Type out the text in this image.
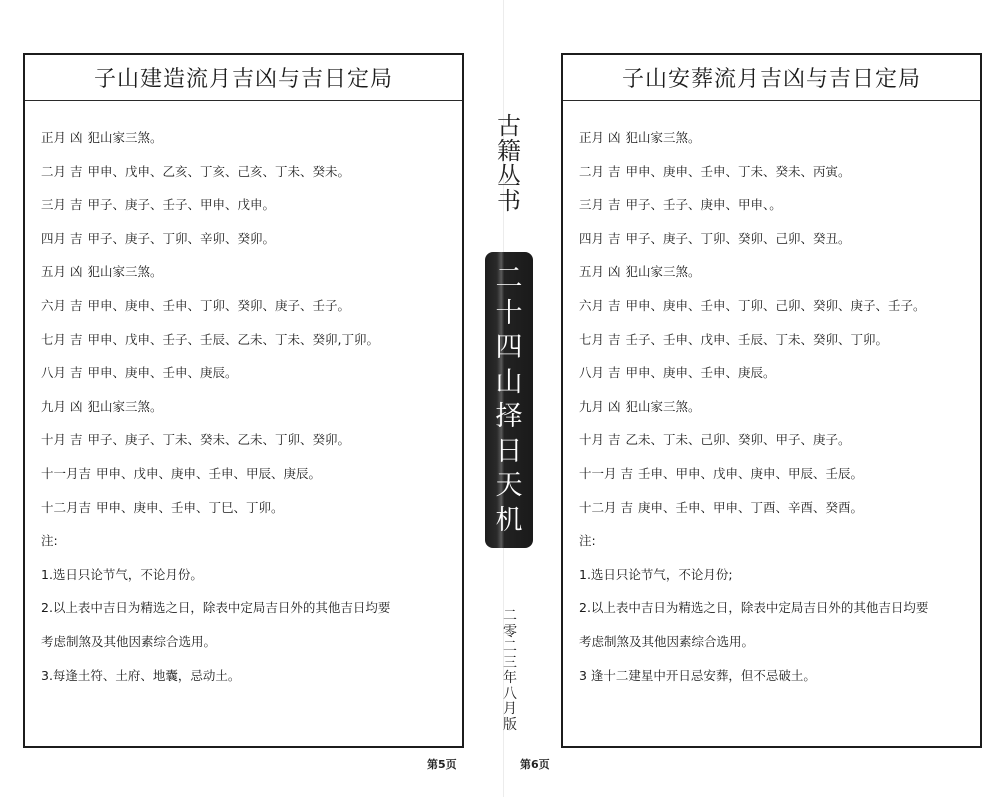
子山建造流月吉凶与吉日定局
正月 凶 犯山家三煞。
二月 吉 甲申、戊申、乙亥、丁亥、己亥、丁未、癸未。
三月 吉 甲子、庚子、壬子、甲申、戊申。
四月 吉 甲子、庚子、丁卯、辛卯、癸卯。
五月 凶 犯山家三煞。
六月 吉 甲申、庚申、壬申、丁卯、癸卯、庚子、壬子。
七月 吉 甲申、戊申、壬子、壬辰、乙未、丁未、癸卯,丁卯。
八月 吉 甲申、庚申、壬申、庚辰。
九月 凶 犯山家三煞。
十月 吉 甲子、庚子、丁未、癸未、乙未、丁卯、癸卯。
十一月吉 甲申、戊申、庚申、壬申、甲辰、庚辰。
十二月吉 甲申、庚申、壬申、丁巳、丁卯。
注:
1.选日只论节气，不论月份。
2.以上表中吉日为精选之日，除表中定局吉日外的其他吉日均要
考虑制煞及其他因素综合选用。
3.每逢土符、土府、地囊，忌动土。
第5页
古
籍
丛
书
二
十
四
山
择
日
天
机
二
零
二
三
年
八
月
版
子山安葬流月吉凶与吉日定局
正月 凶 犯山家三煞。
二月 吉 甲申、庚申、壬申、丁未、癸未、丙寅。
三月 吉 甲子、壬子、庚申、甲申、。
四月 吉 甲子、庚子、丁卯、癸卯、己卯、癸丑。
五月 凶 犯山家三煞。
六月 吉 甲申、庚申、壬申、丁卯、己卯、癸卯、庚子、壬子。
七月 吉 壬子、壬申、戊申、壬辰、丁未、癸卯、丁卯。
八月 吉 甲申、庚申、壬申、庚辰。
九月 凶 犯山家三煞。
十月 吉 乙未、丁未、己卯、癸卯、甲子、庚子。
十一月 吉 壬申、甲申、戊申、庚申、甲辰、壬辰。
十二月 吉 庚申、壬申、甲申、丁酉、辛酉、癸酉。
注:
1.选日只论节气，不论月份;
2.以上表中吉日为精选之日，除表中定局吉日外的其他吉日均要
考虑制煞及其他因素综合选用。
3 逢十二建星中开日忌安葬，但不忌破土。
第6页
